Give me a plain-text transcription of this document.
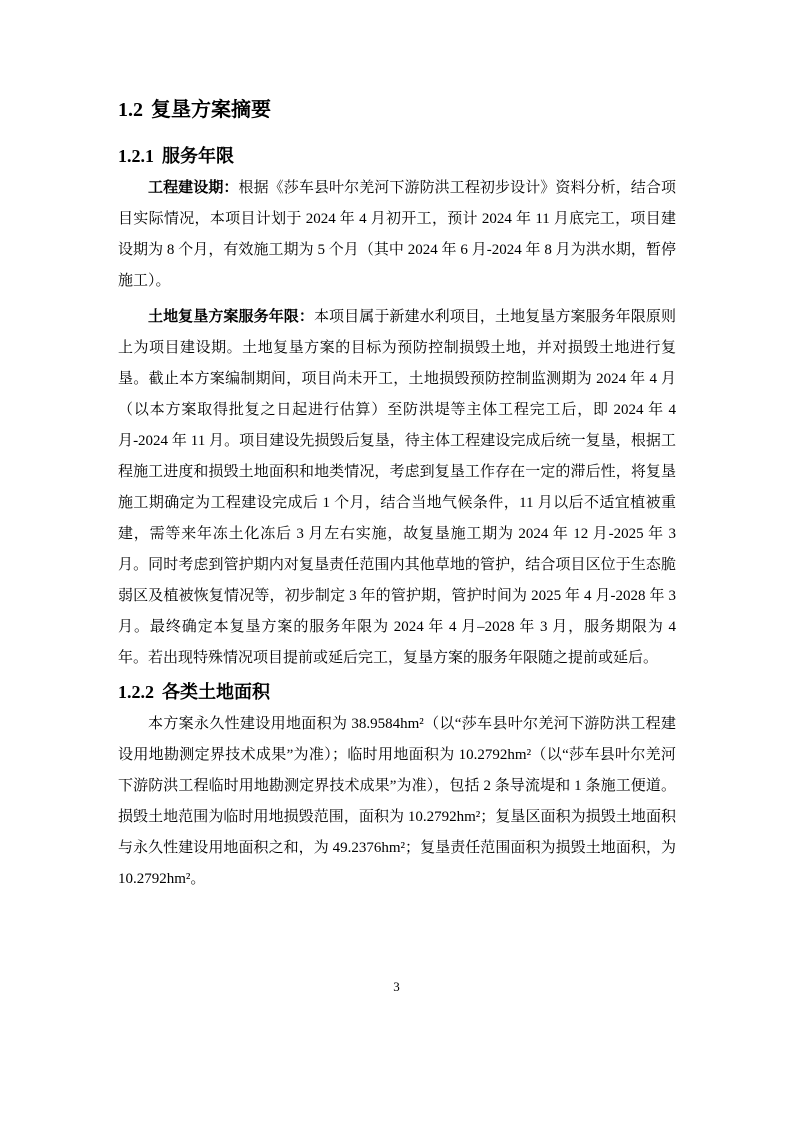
1.2 复垦方案摘要
1.2.1 服务年限

工程建设期：根据《莎车县叶尔羌河下游防洪工程初步设计》资料分析，结合项目实际情况，本项目计划于 2024 年 4 月初开工，预计 2024 年 11 月底完工，项目建设期为 8 个月，有效施工期为 5 个月（其中 2024 年 6 月-2024 年 8 月为洪水期，暂停施工）。

土地复垦方案服务年限：本项目属于新建水利项目，土地复垦方案服务年限原则上为项目建设期。土地复垦方案的目标为预防控制损毁土地，并对损毁土地进行复垦。截止本方案编制期间，项目尚未开工，土地损毁预防控制监测期为 2024 年 4 月（以本方案取得批复之日起进行估算）至防洪堤等主体工程完工后，即 2024 年 4 月-2024 年 11 月。项目建设先损毁后复垦，待主体工程建设完成后统一复垦，根据工程施工进度和损毁土地面积和地类情况，考虑到复垦工作存在一定的滞后性，将复垦施工期确定为工程建设完成后 1 个月，结合当地气候条件，11 月以后不适宜植被重建，需等来年冻土化冻后 3 月左右实施，故复垦施工期为 2024 年 12 月-2025 年 3 月。同时考虑到管护期内对复垦责任范围内其他草地的管护，结合项目区位于生态脆弱区及植被恢复情况等，初步制定 3 年的管护期，管护时间为 2025 年 4 月-2028 年 3 月。最终确定本复垦方案的服务年限为 2024 年 4 月–2028 年 3 月，服务期限为 4 年。若出现特殊情况项目提前或延后完工，复垦方案的服务年限随之提前或延后。

1.2.2 各类土地面积

本方案永久性建设用地面积为 38.9584hm²（以“莎车县叶尔羌河下游防洪工程建设用地勘测定界技术成果”为准）；临时用地面积为 10.2792hm²（以“莎车县叶尔羌河下游防洪工程临时用地勘测定界技术成果”为准），包括 2 条导流堤和 1 条施工便道。损毁土地范围为临时用地损毁范围，面积为 10.2792hm²；复垦区面积为损毁土地面积与永久性建设用地面积之和，为 49.2376hm²；复垦责任范围面积为损毁土地面积，为 10.2792hm²。

3
